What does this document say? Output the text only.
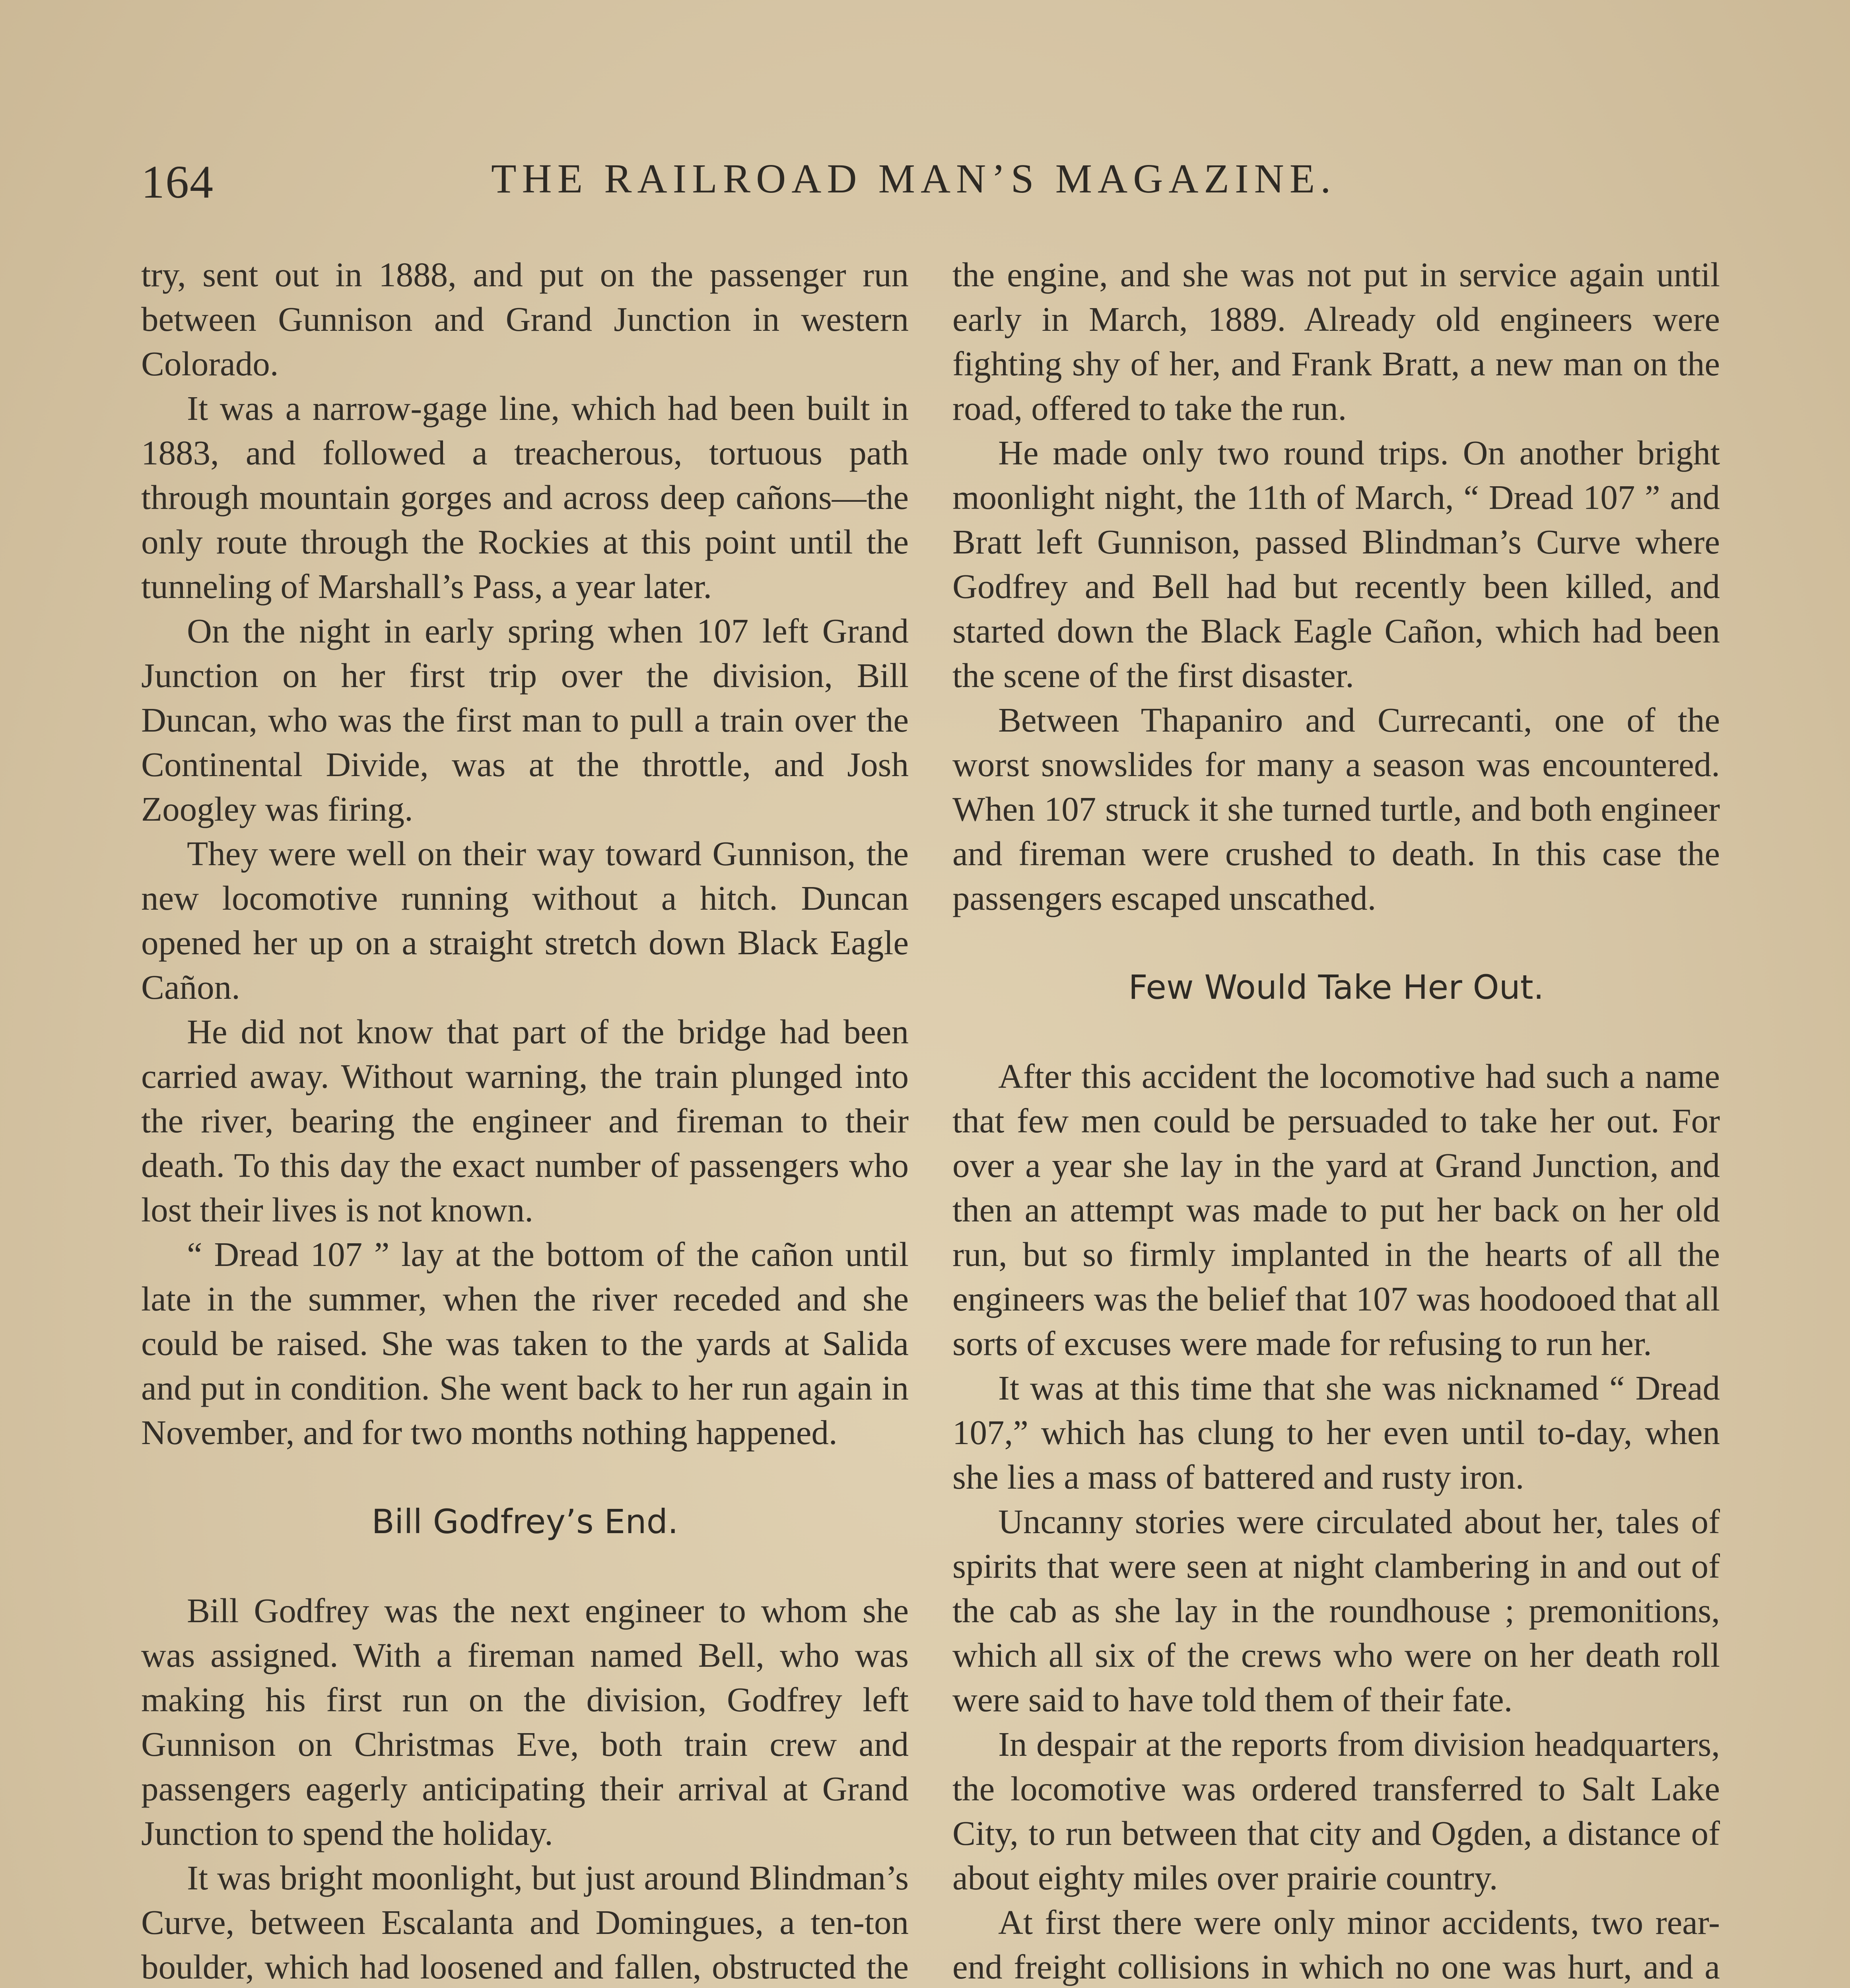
164	THE RAILROAD MAN’S MAGAZINE.

try, sent out in 1888, and put on the passenger run between Gunnison and Grand Junction in western Colorado.

It was a narrow-gage line, which had been built in 1883, and followed a treacherous, tortuous path through mountain gorges and across deep cañons—the only route through the Rockies at this point until the tunneling of Marshall’s Pass, a year later.

On the night in early spring when 107 left Grand Junction on her first trip over the division, Bill Duncan, who was the first man to pull a train over the Continental Divide, was at the throttle, and Josh Zoogley was firing.

They were well on their way toward Gunnison, the new locomotive running without a hitch. Duncan opened her up on a straight stretch down Black Eagle Cañon.

He did not know that part of the bridge had been carried away. Without warning, the train plunged into the river, bearing the engineer and fireman to their death. To this day the exact number of passengers who lost their lives is not known.

“ Dread 107 ” lay at the bottom of the cañon until late in the summer, when the river receded and she could be raised. She was taken to the yards at Salida and put in condition. She went back to her run again in November, and for two months nothing happened.

Bill Godfrey’s End.

Bill Godfrey was the next engineer to whom she was assigned. With a fireman named Bell, who was making his first run on the division, Godfrey left Gunnison on Christmas Eve, both train crew and passengers eagerly anticipating their arrival at Grand Junction to spend the holiday.

It was bright moonlight, but just around Blindman’s Curve, between Escalanta and Domingues, a ten-ton boulder, which had loosened and fallen, obstructed the

the engine, and she was not put in service again until early in March, 1889. Already old engineers were fighting shy of her, and Frank Bratt, a new man on the road, offered to take the run.

He made only two round trips. On another bright moonlight night, the 11th of March, “ Dread 107 ” and Bratt left Gunnison, passed Blindman’s Curve where Godfrey and Bell had but recently been killed, and started down the Black Eagle Cañon, which had been the scene of the first disaster.

Between Thapaniro and Currecanti, one of the worst snowslides for many a season was encountered. When 107 struck it she turned turtle, and both engineer and fireman were crushed to death. In this case the passengers escaped unscathed.

Few Would Take Her Out.

After this accident the locomotive had such a name that few men could be persuaded to take her out. For over a year she lay in the yard at Grand Junction, and then an attempt was made to put her back on her old run, but so firmly implanted in the hearts of all the engineers was the belief that 107 was hoodooed that all sorts of excuses were made for refusing to run her.

It was at this time that she was nicknamed “ Dread 107,” which has clung to her even until to-day, when she lies a mass of battered and rusty iron.

Uncanny stories were circulated about her, tales of spirits that were seen at night clambering in and out of the cab as she lay in the roundhouse ; premonitions, which all six of the crews who were on her death roll were said to have told them of their fate.

In despair at the reports from division headquarters, the locomotive was ordered transferred to Salt Lake City, to run between that city and Ogden, a distance of about eighty miles over prairie country.

At first there were only minor accidents, two rear-end freight collisions in which no one was hurt, and a
